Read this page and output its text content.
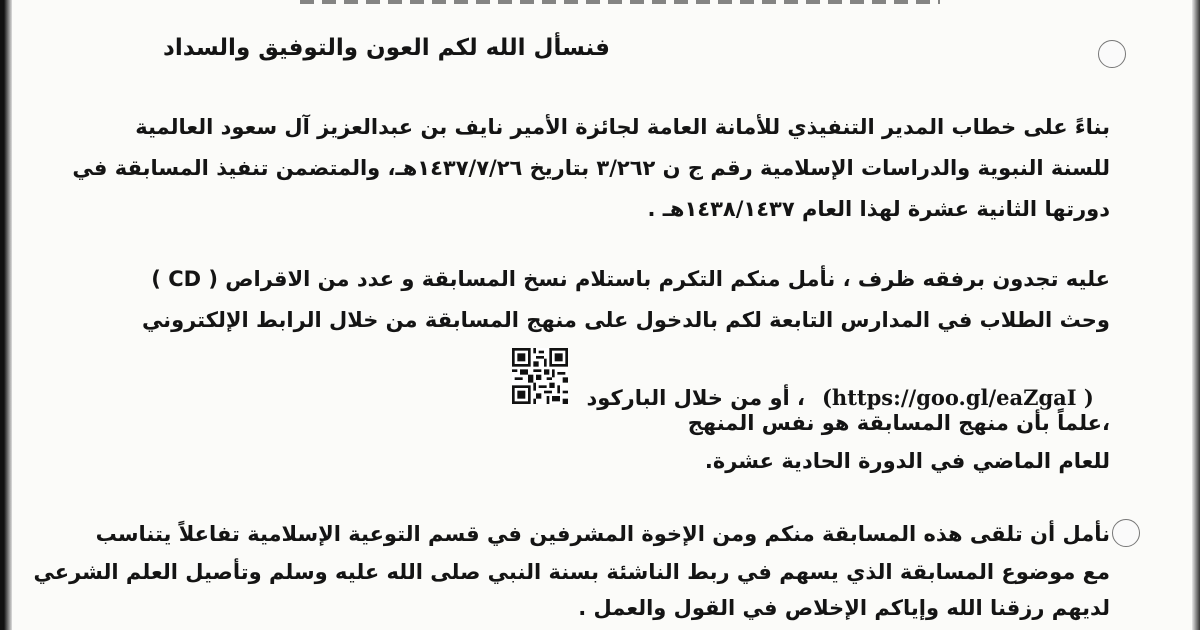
فنسأل الله لكم العون والتوفيق والسداد
بناءً على خطاب المدير التنفيذي للأمانة العامة لجائزة الأمير نايف بن عبدالعزيز آل سعود العالمية
للسنة النبوية والدراسات الإسلامية رقم ج ن ٣/٢٦٢ بتاريخ ١٤٣٧/٧/٢٦هـ، والمتضمن تنفيذ المسابقة في
دورتها الثانية عشرة لهذا العام ١٤٣٨/١٤٣٧هـ .
عليه تجدون برفقه ظرف ، نأمل منكم التكرم باستلام نسخ المسابقة و عدد من الاقراص ( CD )
وحث الطلاب في المدارس التابعة لكم بالدخول على منهج المسابقة من خلال الرابط الإلكتروني
(https://goo.gl/eaZgaI )
، أو من خلال الباركود
،علماً بأن منهج المسابقة هو نفس المنهج
للعام الماضي في الدورة الحادية عشرة.
نأمل أن تلقى هذه المسابقة منكم ومن الإخوة المشرفين في قسم التوعية الإسلامية تفاعلاً يتناسب
مع موضوع المسابقة الذي يسهم في ربط الناشئة بسنة النبي صلى الله عليه وسلم وتأصيل العلم الشرعي
لديهم رزقنا الله وإياكم الإخلاص في القول والعمل .
